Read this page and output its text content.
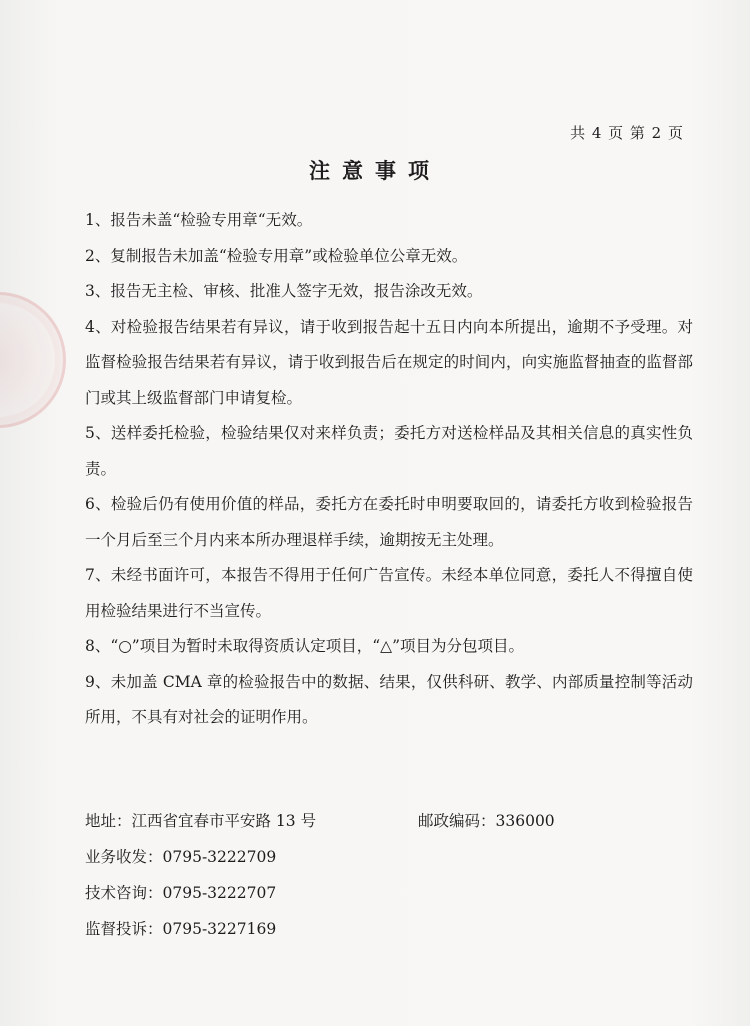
共 4 页 第 2 页
注意事项

1、报告未盖“检验专用章“无效。

2、复制报告未加盖“检验专用章”或检验单位公章无效。

3、报告无主检、审核、批准人签字无效，报告涂改无效。

4、对检验报告结果若有异议，请于收到报告起十五日内向本所提出，逾期不予受理。对监督检验报告结果若有异议，请于收到报告后在规定的时间内，向实施监督抽查的监督部门或其上级监督部门申请复检。

5、送样委托检验，检验结果仅对来样负责；委托方对送检样品及其相关信息的真实性负责。

6、检验后仍有使用价值的样品，委托方在委托时申明要取回的，请委托方收到检验报告一个月后至三个月内来本所办理退样手续，逾期按无主处理。

7、未经书面许可，本报告不得用于任何广告宣传。未经本单位同意，委托人不得擅自使用检验结果进行不当宣传。

8、“○”项目为暂时未取得资质认定项目，“△”项目为分包项目。

9、未加盖 CMA 章的检验报告中的数据、结果，仅供科研、教学、内部质量控制等活动所用，不具有对社会的证明作用。

地址：江西省宜春市平安路 13 号	邮政编码：336000
业务收发：0795-3222709
技术咨询：0795-3222707
监督投诉：0795-3227169
